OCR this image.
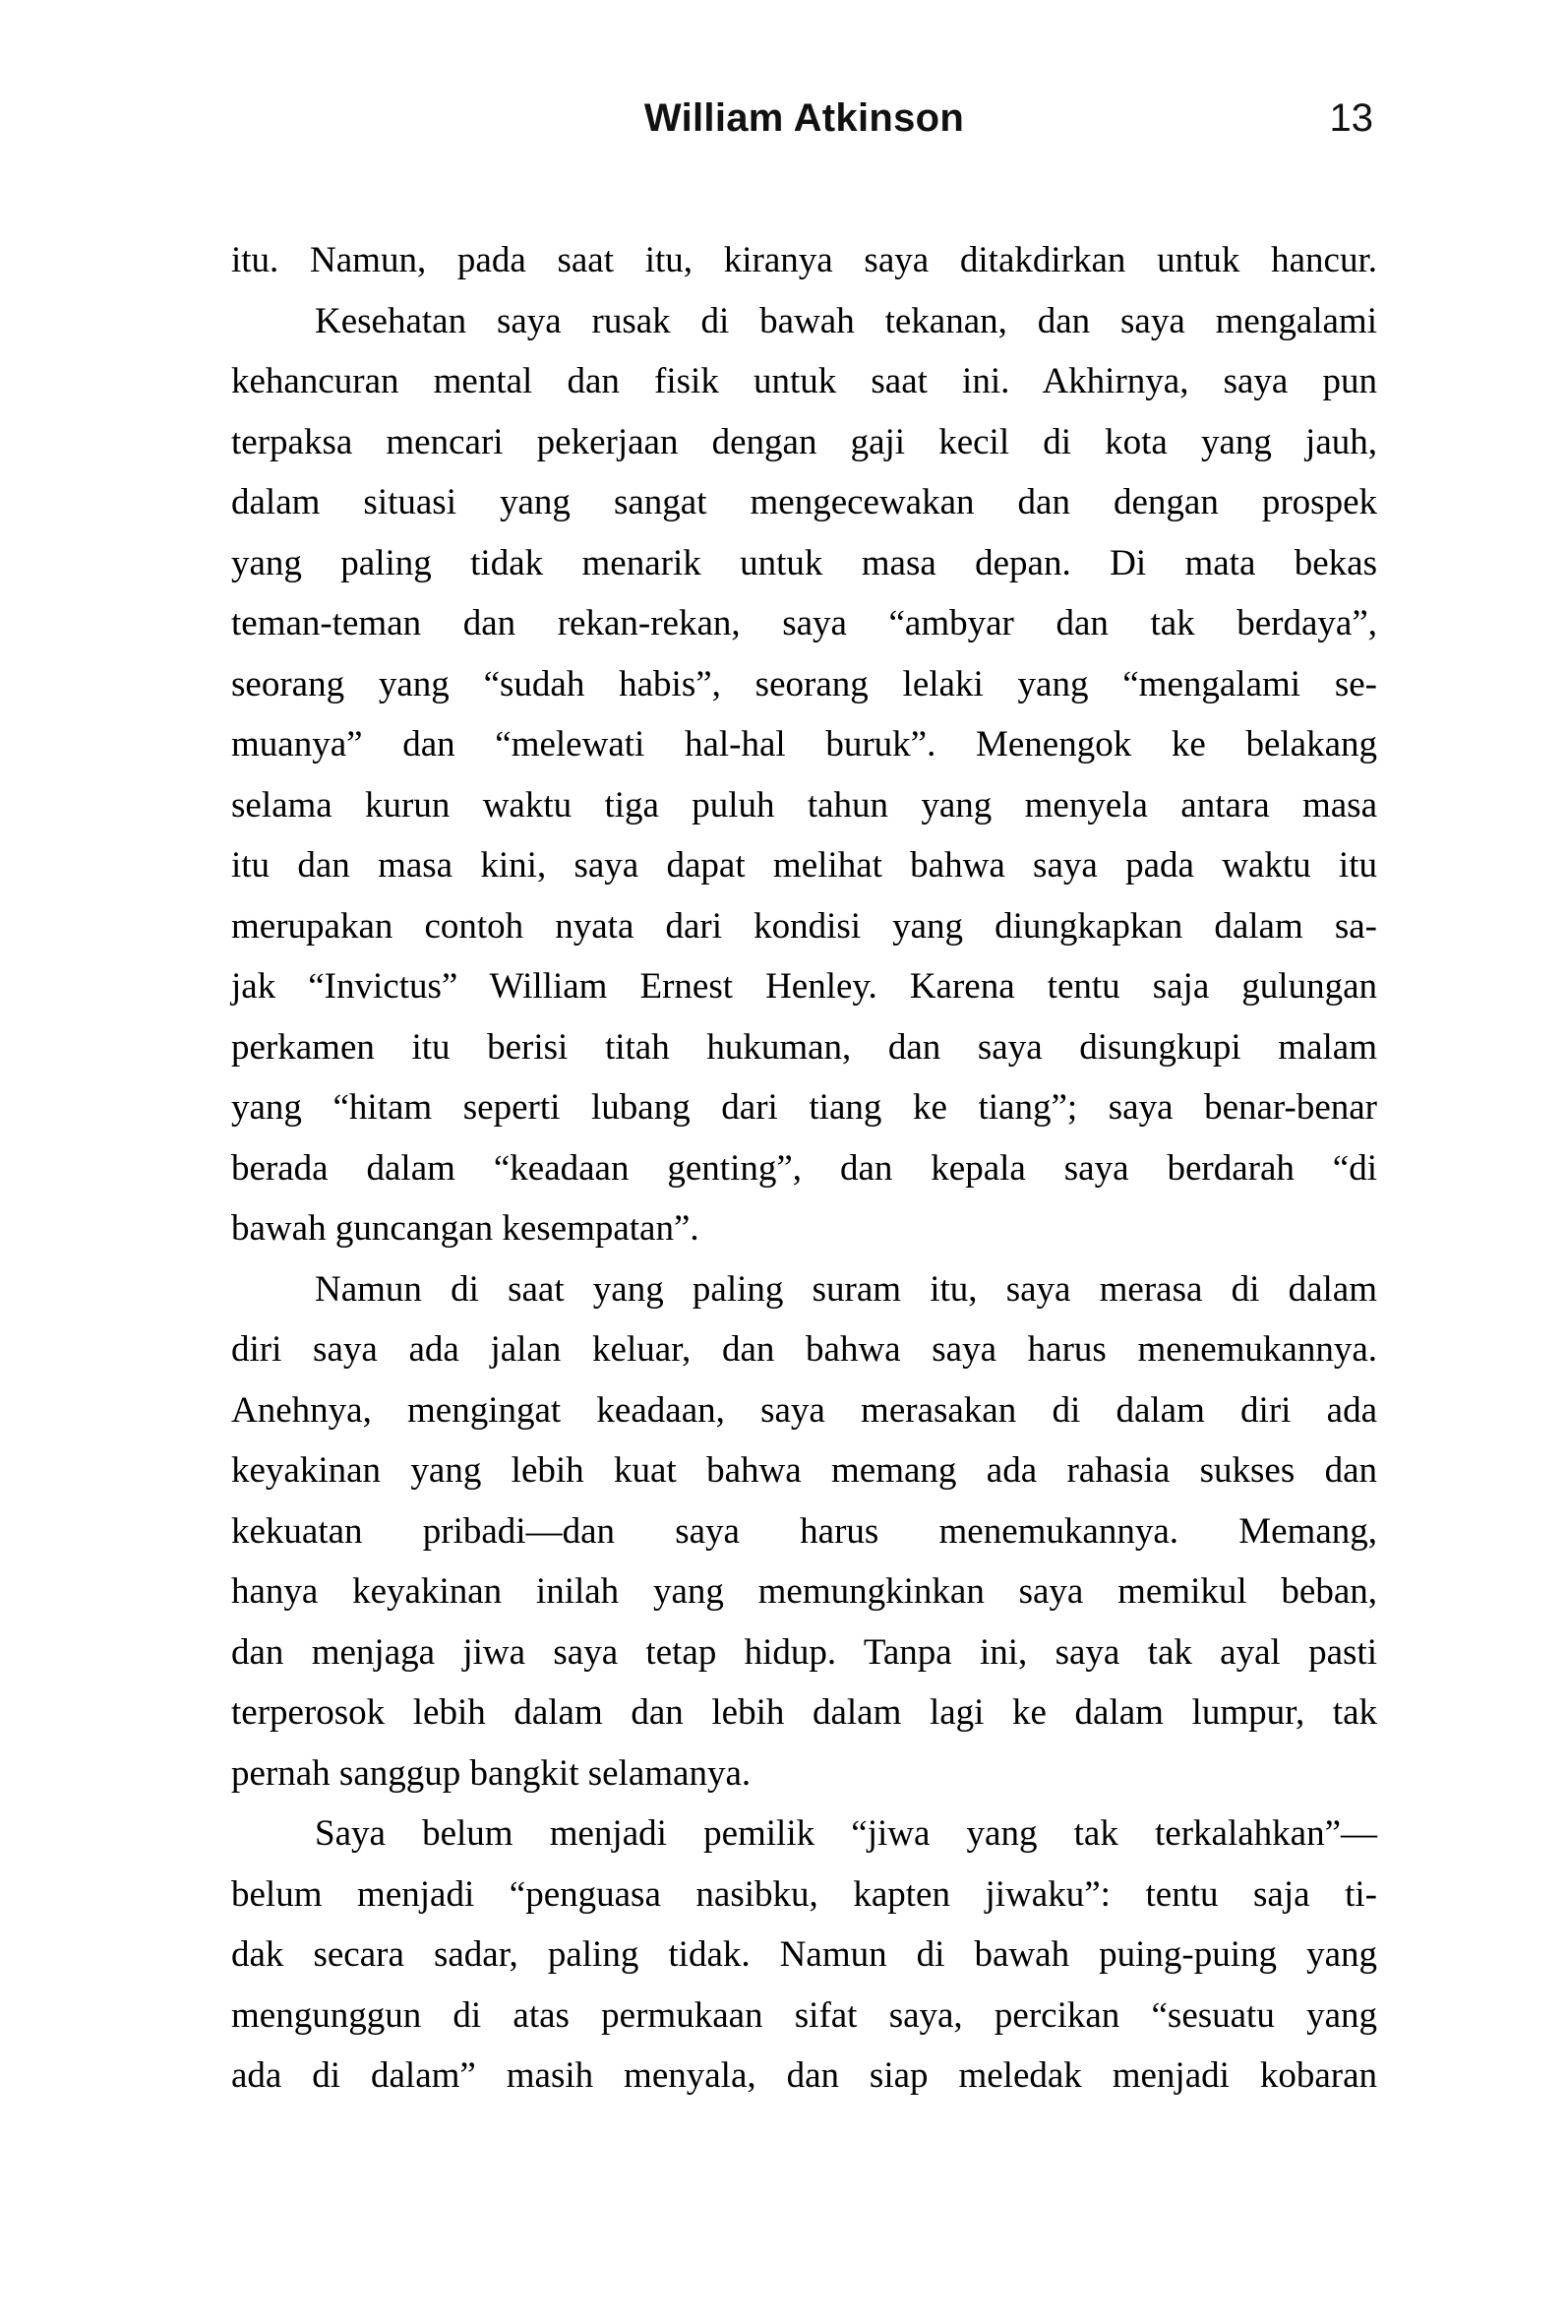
William Atkinson	13
itu. Namun, pada saat itu, kiranya saya ditakdirkan untuk hancur.
Kesehatan saya rusak di bawah tekanan, dan saya mengalami
kehancuran mental dan fisik untuk saat ini. Akhirnya, saya pun
terpaksa mencari pekerjaan dengan gaji kecil di kota yang jauh,
dalam situasi yang sangat mengecewakan dan dengan prospek
yang paling tidak menarik untuk masa depan. Di mata bekas
teman-teman dan rekan-rekan, saya “ambyar dan tak berdaya”,
seorang yang “sudah habis”, seorang lelaki yang “mengalami se-
muanya” dan “melewati hal-hal buruk”. Menengok ke belakang
selama kurun waktu tiga puluh tahun yang menyela antara masa
itu dan masa kini, saya dapat melihat bahwa saya pada waktu itu
merupakan contoh nyata dari kondisi yang diungkapkan dalam sa-
jak “Invictus” William Ernest Henley. Karena tentu saja gulungan
perkamen itu berisi titah hukuman, dan saya disungkupi malam
yang “hitam seperti lubang dari tiang ke tiang”; saya benar-benar
berada dalam “keadaan genting”, dan kepala saya berdarah “di
bawah guncangan kesempatan”.
Namun di saat yang paling suram itu, saya merasa di dalam
diri saya ada jalan keluar, dan bahwa saya harus menemukannya.
Anehnya, mengingat keadaan, saya merasakan di dalam diri ada
keyakinan yang lebih kuat bahwa memang ada rahasia sukses dan
kekuatan pribadi—dan saya harus menemukannya. Memang,
hanya keyakinan inilah yang memungkinkan saya memikul beban,
dan menjaga jiwa saya tetap hidup. Tanpa ini, saya tak ayal pasti
terperosok lebih dalam dan lebih dalam lagi ke dalam lumpur, tak
pernah sanggup bangkit selamanya.
Saya belum menjadi pemilik “jiwa yang tak terkalahkan”—
belum menjadi “penguasa nasibku, kapten jiwaku”: tentu saja ti-
dak secara sadar, paling tidak. Namun di bawah puing-puing yang
mengunggun di atas permukaan sifat saya, percikan “sesuatu yang
ada di dalam” masih menyala, dan siap meledak menjadi kobaran
